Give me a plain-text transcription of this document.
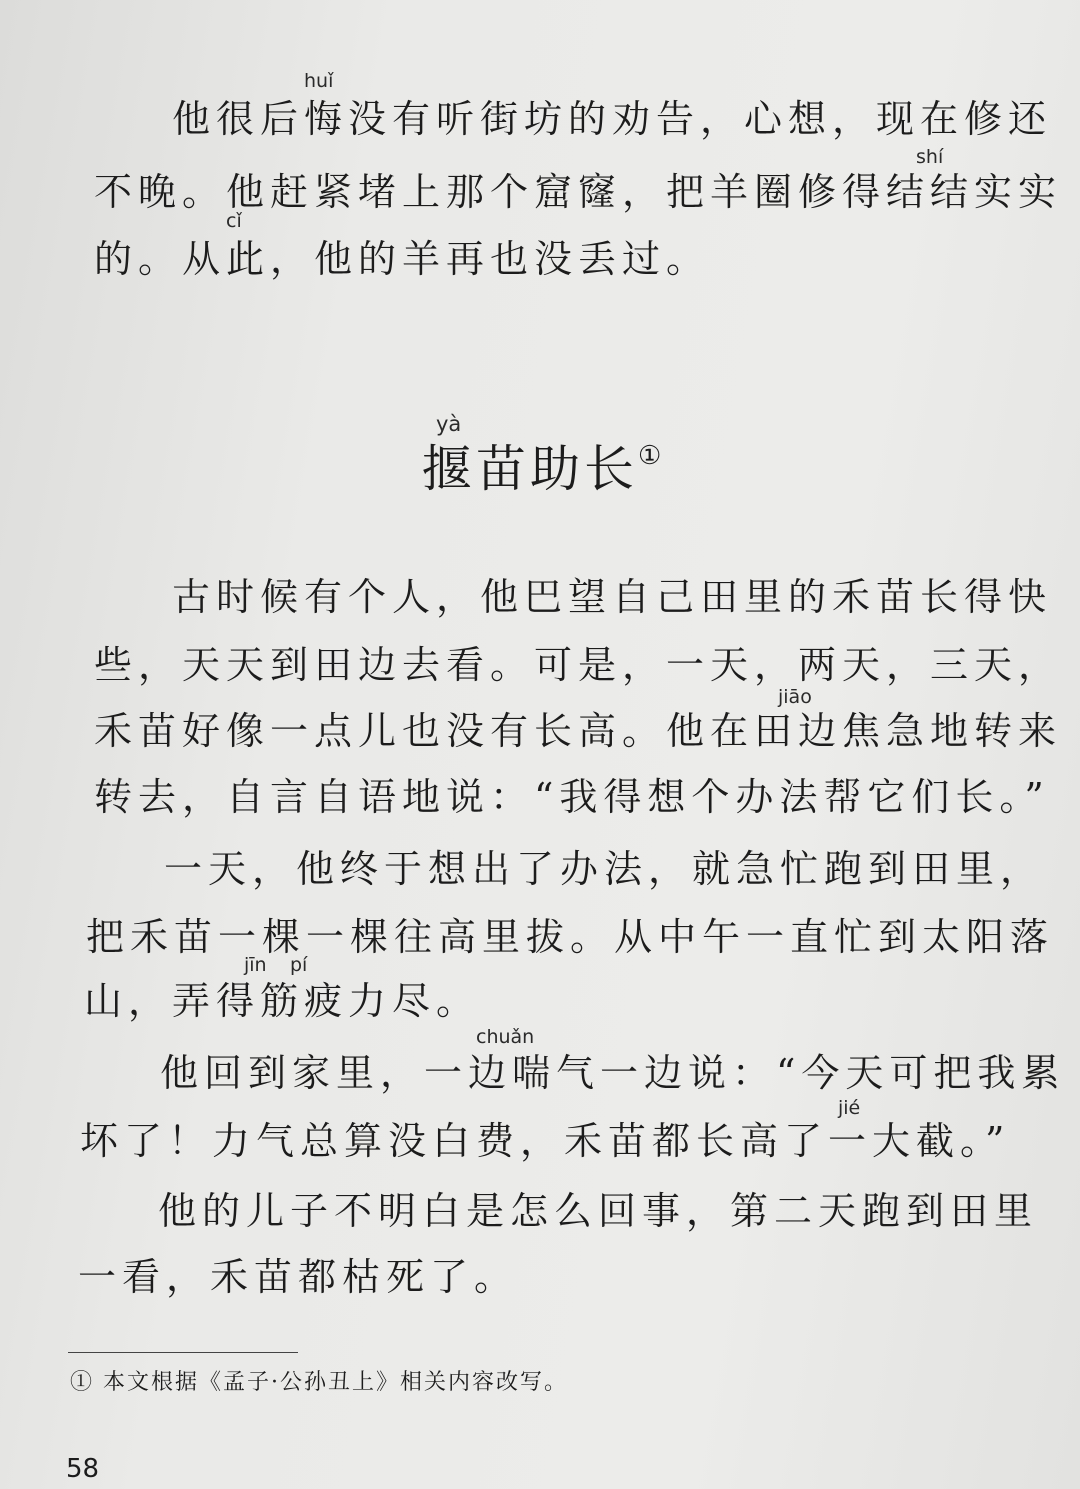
huǐ
他很后悔没有听街坊的劝告，心想，现在修还
shí
不晚。他赶紧堵上那个窟窿，把羊圈修得结结实实
cǐ
的。从此，他的羊再也没丢过。
yà
揠苗助长①
古时候有个人，他巴望自己田里的禾苗长得快
些，天天到田边去看。可是，一天，两天，三天，
jiāo
禾苗好像一点儿也没有长高。他在田边焦急地转来
转去，自言自语地说：“我得想个办法帮它们长。”
一天，他终于想出了办法，就急忙跑到田里，
把禾苗一棵一棵往高里拔。从中午一直忙到太阳落
jīn pí
山，弄得筋疲力尽。
chuǎn
他回到家里，一边喘气一边说：“今天可把我累
jié
坏了！力气总算没白费，禾苗都长高了一大截。”
他的儿子不明白是怎么回事，第二天跑到田里
一看，禾苗都枯死了。
① 本文根据《孟子·公孙丑上》相关内容改写。
58
